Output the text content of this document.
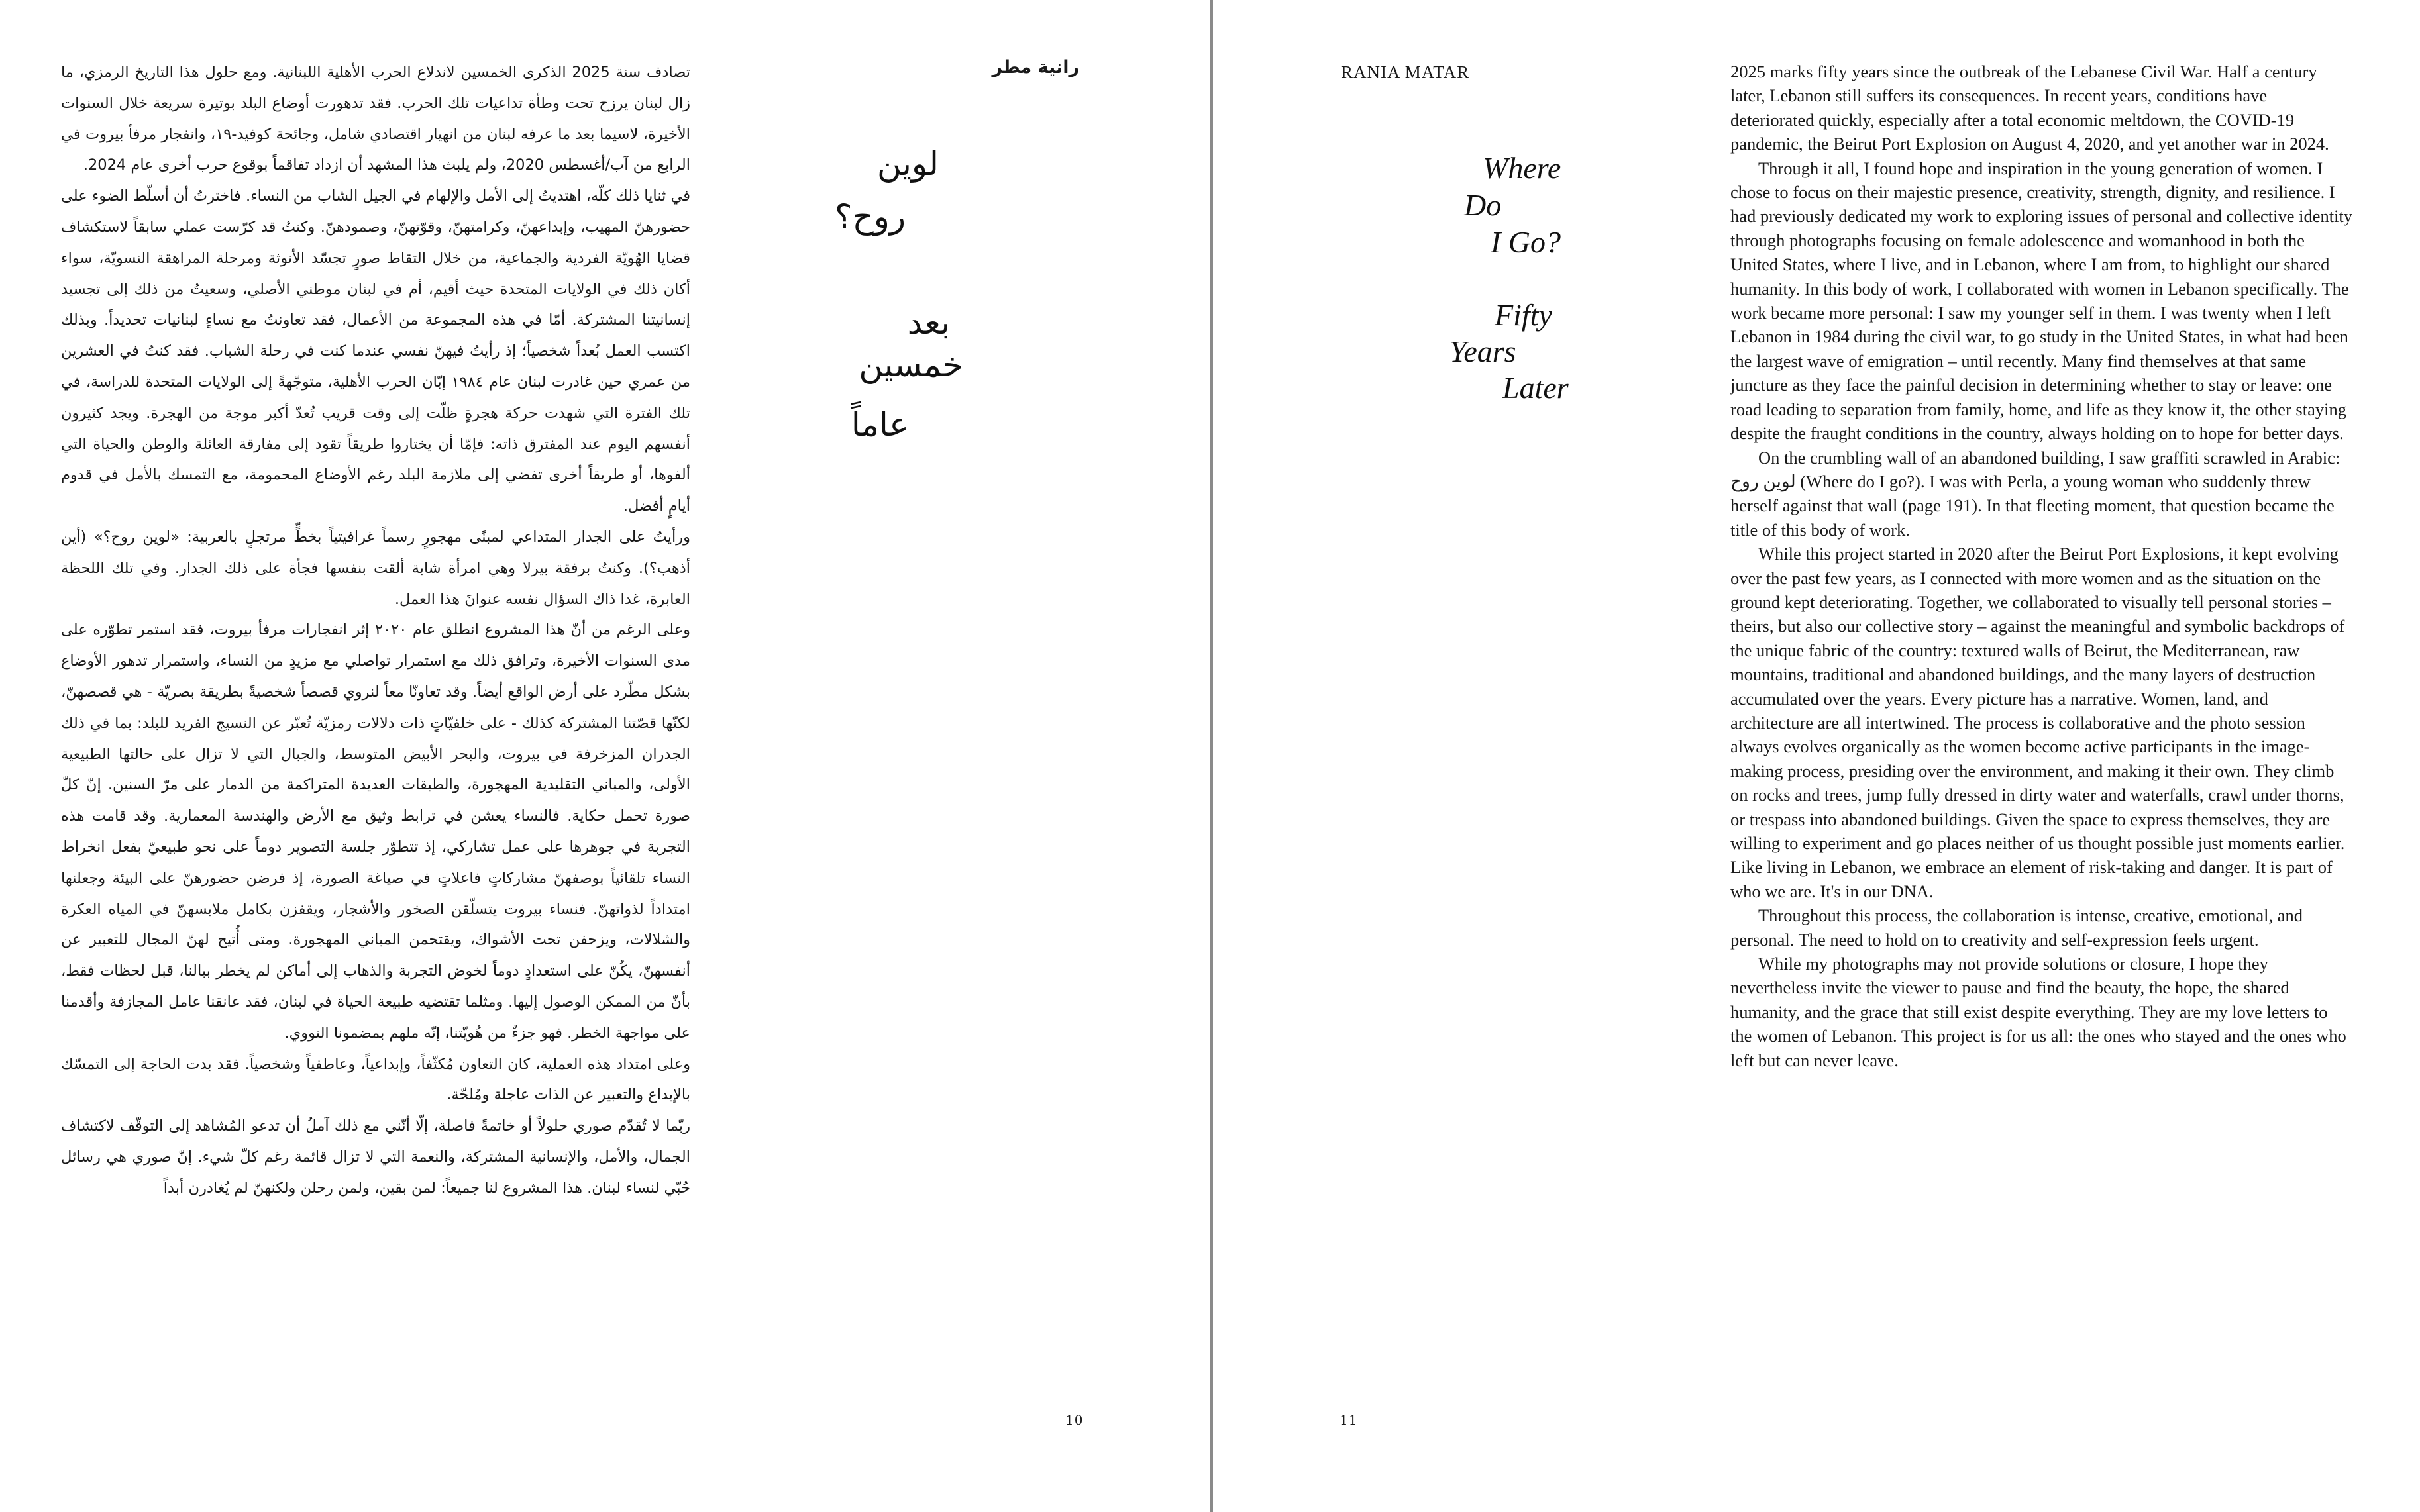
تصادف سنة 2025 الذكرى الخمسين لاندلاع الحرب الأهلية اللبنانية. ومع حلول هذا التاريخ الرمزي، ما زال لبنان يرزح تحت وطأة تداعيات تلك الحرب. فقد تدهورت أوضاع البلد بوتيرة سريعة خلال السنوات الأخيرة، لاسيما بعد ما عرفه لبنان من انهيار اقتصادي شامل، وجائحة كوفيد-١٩، وانفجار مرفأ بيروت في الرابع من آب/أغسطس 2020، ولم يلبث هذا المشهد أن ازداد تفاقماً بوقوع حرب أخرى عام 2024.

في ثنايا ذلك كلّه، اهتديتُ إلى الأمل والإلهام في الجيل الشاب من النساء. فاخترتُ أن أسلّط الضوء على حضورهنّ المهيب، وإبداعهنّ، وكرامتهنّ، وقوّتهنّ، وصمودهنّ. وكنتُ قد كرّست عملي سابقاً لاستكشاف قضايا الهُويّة الفردية والجماعية، من خلال التقاط صورٍ تجسّد الأنوثة ومرحلة المراهقة النسويّة، سواء أكان ذلك في الولايات المتحدة حيث أقيم، أم في لبنان موطني الأصلي، وسعيتُ من ذلك إلى تجسيد إنسانيتنا المشتركة. أمّا في هذه المجموعة من الأعمال، فقد تعاونتُ مع نساءٍ لبنانيات تحديداً. وبذلك اكتسب العمل بُعداً شخصياً؛ إذ رأيتُ فيهنّ نفسي عندما كنت في رحلة الشباب. فقد كنتُ في العشرين من عمري حين غادرت لبنان عام ١٩٨٤ إبّان الحرب الأهلية، متوجّهةً إلى الولايات المتحدة للدراسة، في تلك الفترة التي شهدت حركة هجرةٍ ظلّت إلى وقت قريب تُعدّ أكبر موجة من الهجرة. ويجد كثيرون أنفسهم اليوم عند المفترق ذاته: فإمّا أن يختاروا طريقاً تقود إلى مفارقة العائلة والوطن والحياة التي ألفوها، أو طريقاً أخرى تفضي إلى ملازمة البلد رغم الأوضاع المحمومة، مع التمسك بالأمل في قدوم أيامٍ أفضل.

ورأيتُ على الجدار المتداعي لمبنًى مهجورٍ رسماً غرافيتياً بخطٍّ مرتجلٍ بالعربية: «لوين روح؟» (أين أذهب؟). وكنتُ برفقة بيرلا وهي امرأة شابة ألقت بنفسها فجأة على ذلك الجدار. وفي تلك اللحظة العابرة، غدا ذاك السؤال نفسه عنوانَ هذا العمل.

وعلى الرغم من أنّ هذا المشروع انطلق عام ٢٠٢٠ إثر انفجارات مرفأ بيروت، فقد استمر تطوّره على مدى السنوات الأخيرة، وترافق ذلك مع استمرار تواصلي مع مزيدٍ من النساء، واستمرار تدهور الأوضاع بشكل مطّرد على أرض الواقع أيضاً. وقد تعاونّا معاً لنروي قصصاً شخصيةً بطريقة بصريّة - هي قصصهنّ، لكنّها قصّتنا المشتركة كذلك - على خلفيّاتٍ ذات دلالات رمزيّة تُعبّر عن النسيج الفريد للبلد: بما في ذلك الجدران المزخرفة في بيروت، والبحر الأبيض المتوسط، والجبال التي لا تزال على حالتها الطبيعية الأولى، والمباني التقليدية المهجورة، والطبقات العديدة المتراكمة من الدمار على مرّ السنين. إنّ كلّ صورة تحمل حكاية. فالنساء يعشن في ترابط وثيق مع الأرض والهندسة المعمارية. وقد قامت هذه التجربة في جوهرها على عمل تشاركي، إذ تتطوّر جلسة التصوير دوماً على نحو طبيعيّ بفعل انخراط النساء تلقائياً بوصفهنّ مشاركاتٍ فاعلاتٍ في صياغة الصورة، إذ فرضن حضورهنّ على البيئة وجعلنها امتداداً لذواتهنّ. فنساء بيروت يتسلّقن الصخور والأشجار، ويقفزن بكامل ملابسهنّ في المياه العكرة والشلالات، ويزحفن تحت الأشواك، ويقتحمن المباني المهجورة. ومتى أُتيح لهنّ المجال للتعبير عن أنفسهنّ، يكُنّ على استعدادٍ دوماً لخوض التجربة والذهاب إلى أماكن لم يخطر ببالنا، قبل لحظات فقط، بأنّ من الممكن الوصول إليها. ومثلما تقتضيه طبيعة الحياة في لبنان، فقد عانقنا عامل المجازفة وأقدمنا على مواجهة الخطر. فهو جزءٌ من هُويّتنا، إنّه ملهم بمضمونا النووي.

وعلى امتداد هذه العملية، كان التعاون مُكثّفاً، وإبداعياً، وعاطفياً وشخصياً. فقد بدت الحاجة إلى التمسّك بالإبداع والتعبير عن الذات عاجلة ومُلحّة.

ربّما لا تُقدّم صوري حلولاً أو خاتمةً فاصلة، إلّا أنّني مع ذلك آملُ أن تدعو المُشاهد إلى التوقّف لاكتشاف الجمال، والأمل، والإنسانية المشتركة، والنعمة التي لا تزال قائمة رغم كلّ شيء. إنّ صوري هي رسائل حُبّي لنساء لبنان. هذا المشروع لنا جميعاً: لمن بقين، ولمن رحلن ولكنهنّ لم يُغادرن أبداً

رانية مطر
لوين
روح؟
بعد
خمسين
عاماً
10
RANIA MATAR
Where
Do
I Go?
Fifty
Years
Later

2025 marks fifty years since the outbreak of the Lebanese Civil War. Half a century later, Lebanon still suffers its consequences. In recent years, conditions have deteriorated quickly, especially after a total economic meltdown, the COVID-19 pandemic, the Beirut Port Explosion on August 4, 2020, and yet another war in 2024.

Through it all, I found hope and inspiration in the young generation of women. I chose to focus on their majestic presence, creativity, strength, dignity, and resilience. I had previously dedicated my work to exploring issues of personal and collective identity through photographs focusing on female adolescence and womanhood in both the United States, where I live, and in Lebanon, where I am from, to highlight our shared humanity. In this body of work, I collaborated with women in Lebanon specifically. The work became more personal: I saw my younger self in them. I was twenty when I left Lebanon in 1984 during the civil war, to go study in the United States, in what had been the largest wave of emigration – until recently. Many find themselves at that same juncture as they face the painful decision in determining whether to stay or leave: one road leading to separation from family, home, and life as they know it, the other staying despite the fraught conditions in the country, always holding on to hope for better days.

On the crumbling wall of an abandoned building, I saw graffiti scrawled in Arabic: لوين روح (Where do I go?). I was with Perla, a young woman who suddenly threw herself against that wall (page 191). In that fleeting moment, that question became the title of this body of work.

While this project started in 2020 after the Beirut Port Explosions, it kept evolving over the past few years, as I connected with more women and as the situation on the ground kept deteriorating. Together, we collaborated to visually tell personal stories – theirs, but also our collective story – against the meaningful and symbolic backdrops of the unique fabric of the country: textured walls of Beirut, the Mediterranean, raw mountains, traditional and abandoned buildings, and the many layers of destruction accumulated over the years. Every picture has a narrative. Women, land, and architecture are all intertwined. The process is collaborative and the photo session always evolves organically as the women become active participants in the image-making process, presiding over the environment, and making it their own. They climb on rocks and trees, jump fully dressed in dirty water and waterfalls, crawl under thorns, or trespass into abandoned buildings. Given the space to express themselves, they are willing to experiment and go places neither of us thought possible just moments earlier. Like living in Lebanon, we embrace an element of risk-taking and danger. It is part of who we are. It's in our DNA.

Throughout this process, the collaboration is intense, creative, emotional, and personal. The need to hold on to creativity and self-expression feels urgent.

While my photographs may not provide solutions or closure, I hope they nevertheless invite the viewer to pause and find the beauty, the hope, the shared humanity, and the grace that still exist despite everything. They are my love letters to the women of Lebanon. This project is for us all: the ones who stayed and the ones who left but can never leave.

11
